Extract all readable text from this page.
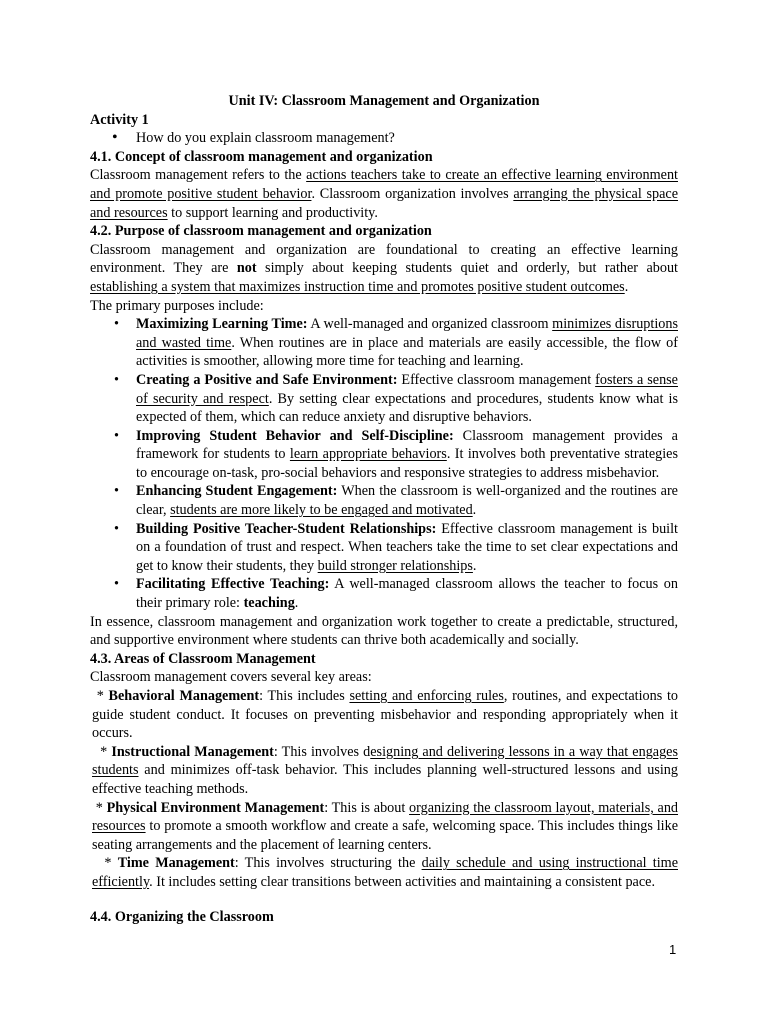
Unit IV: Classroom Management and Organization
Activity 1
• How do you explain classroom management?
4.1. Concept of classroom management and organization

Classroom management refers to the actions teachers take to create an effective learning environment and promote positive student behavior. Classroom organization involves arranging the physical space and resources to support learning and productivity.

4.2. Purpose of classroom management and organization

Classroom management and organization are foundational to creating an effective learning environment. They are not simply about keeping students quiet and orderly, but rather about establishing a system that maximizes instruction time and promotes positive student outcomes.

The primary purposes include:

• Maximizing Learning Time: A well-managed and organized classroom minimizes disruptions and wasted time. When routines are in place and materials are easily accessible, the flow of activities is smoother, allowing more time for teaching and learning.

• Creating a Positive and Safe Environment: Effective classroom management fosters a sense of security and respect. By setting clear expectations and procedures, students know what is expected of them, which can reduce anxiety and disruptive behaviors.

• Improving Student Behavior and Self-Discipline: Classroom management provides a framework for students to learn appropriate behaviors. It involves both preventative strategies to encourage on-task, pro-social behaviors and responsive strategies to address misbehavior.

• Enhancing Student Engagement: When the classroom is well-organized and the routines are clear, students are more likely to be engaged and motivated.

• Building Positive Teacher-Student Relationships: Effective classroom management is built on a foundation of trust and respect. When teachers take the time to set clear expectations and get to know their students, they build stronger relationships.

• Facilitating Effective Teaching: A well-managed classroom allows the teacher to focus on their primary role: teaching.

In essence, classroom management and organization work together to create a predictable, structured, and supportive environment where students can thrive both academically and socially.

4.3. Areas of Classroom Management
Classroom management covers several key areas:

* Behavioral Management: This includes setting and enforcing rules, routines, and expectations to guide student conduct. It focuses on preventing misbehavior and responding appropriately when it occurs.

* Instructional Management: This involves designing and delivering lessons in a way that engages students and minimizes off-task behavior. This includes planning well-structured lessons and using effective teaching methods.

* Physical Environment Management: This is about organizing the classroom layout, materials, and resources to promote a smooth workflow and create a safe, welcoming space. This includes things like seating arrangements and the placement of learning centers.

* Time Management: This involves structuring the daily schedule and using instructional time efficiently. It includes setting clear transitions between activities and maintaining a consistent pace.

4.4. Organizing the Classroom
1
